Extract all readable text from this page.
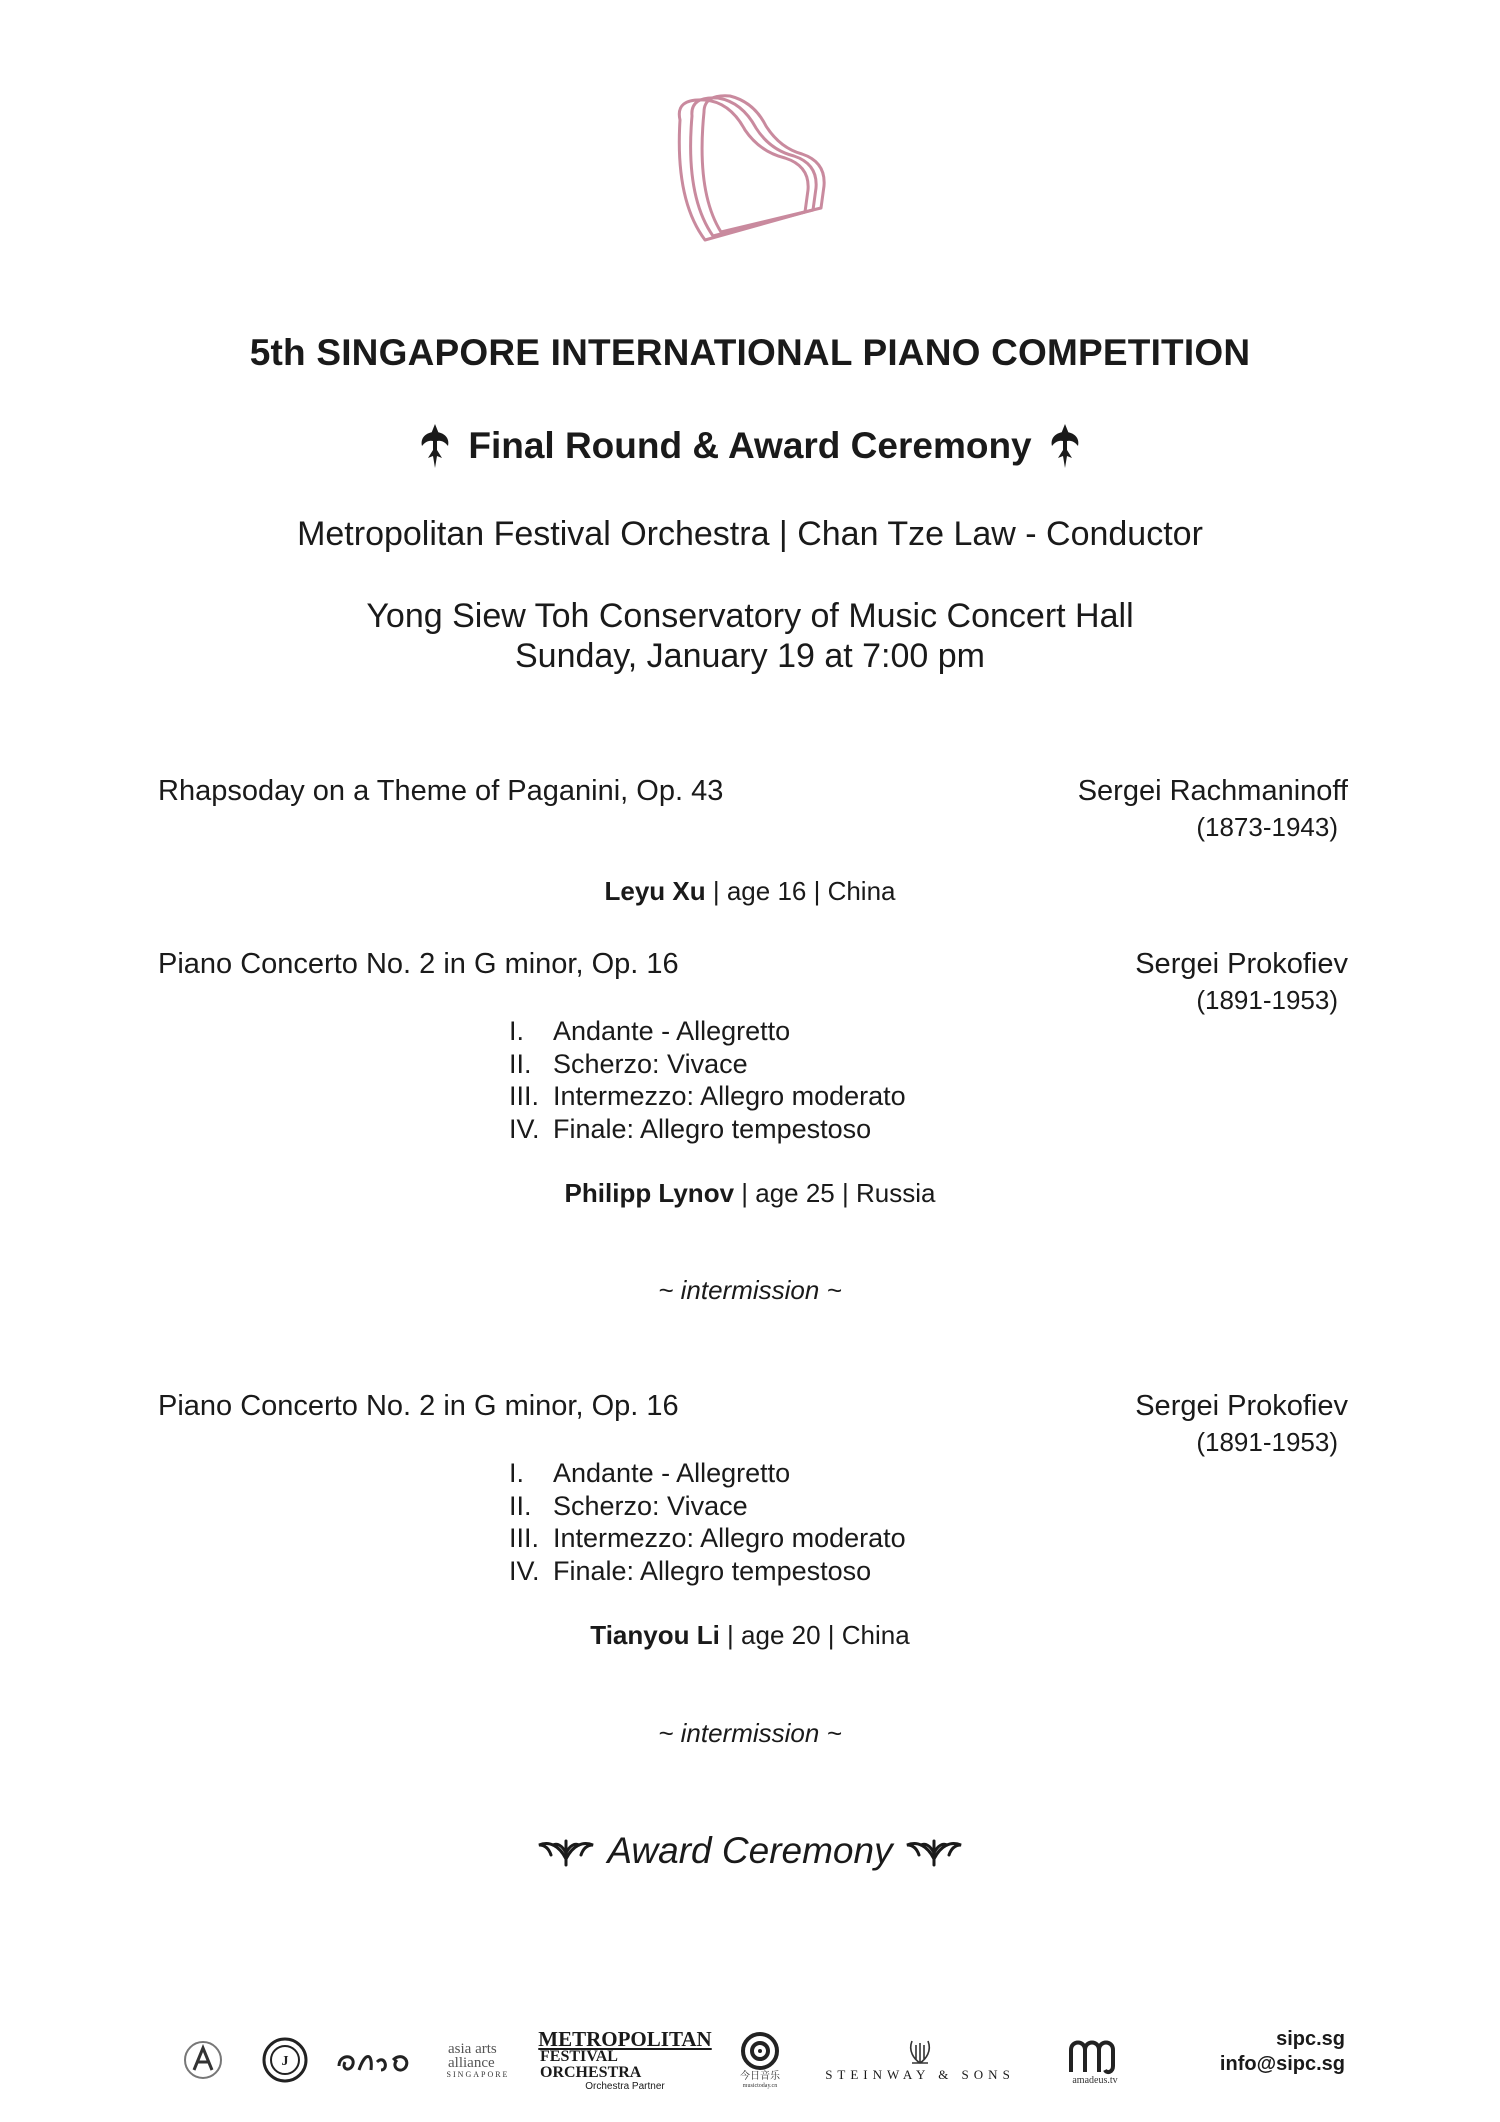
5th SINGAPORE INTERNATIONAL PIANO COMPETITION
Final Round & Award Ceremony
Metropolitan Festival Orchestra | Chan Tze Law - Conductor
Yong Siew Toh Conservatory of Music Concert Hall
Sunday, January 19 at 7:00 pm
Rhapsoday on a Theme of Paganini, Op. 43	Sergei Rachmaninoff
(1873-1943)
Leyu Xu | age 16 | China
Piano Concerto No. 2 in G minor, Op. 16	Sergei Prokofiev
(1891-1953)
I.	Andante - Allegretto
II. Scherzo: Vivace
III. Intermezzo: Allegro moderato
IV. Finale: Allegro tempestoso
Philipp Lynov | age 25 | Russia
~ intermission ~
Piano Concerto No. 2 in G minor, Op. 16	Sergei Prokofiev
(1891-1953)
I.	Andante - Allegretto
II. Scherzo: Vivace
III. Intermezzo: Allegro moderato
IV. Finale: Allegro tempestoso
Tianyou Li | age 20 | China
~ intermission ~
Award Ceremony
J
asia arts alliance
SINGAPORE
METROPOLITAN
FESTIVAL ORCHESTRA
Orchestra Partner
今日音乐
musictoday.cn
STEINWAY & SONS	amadeus.tv
sipc.sg
info@sipc.sg
